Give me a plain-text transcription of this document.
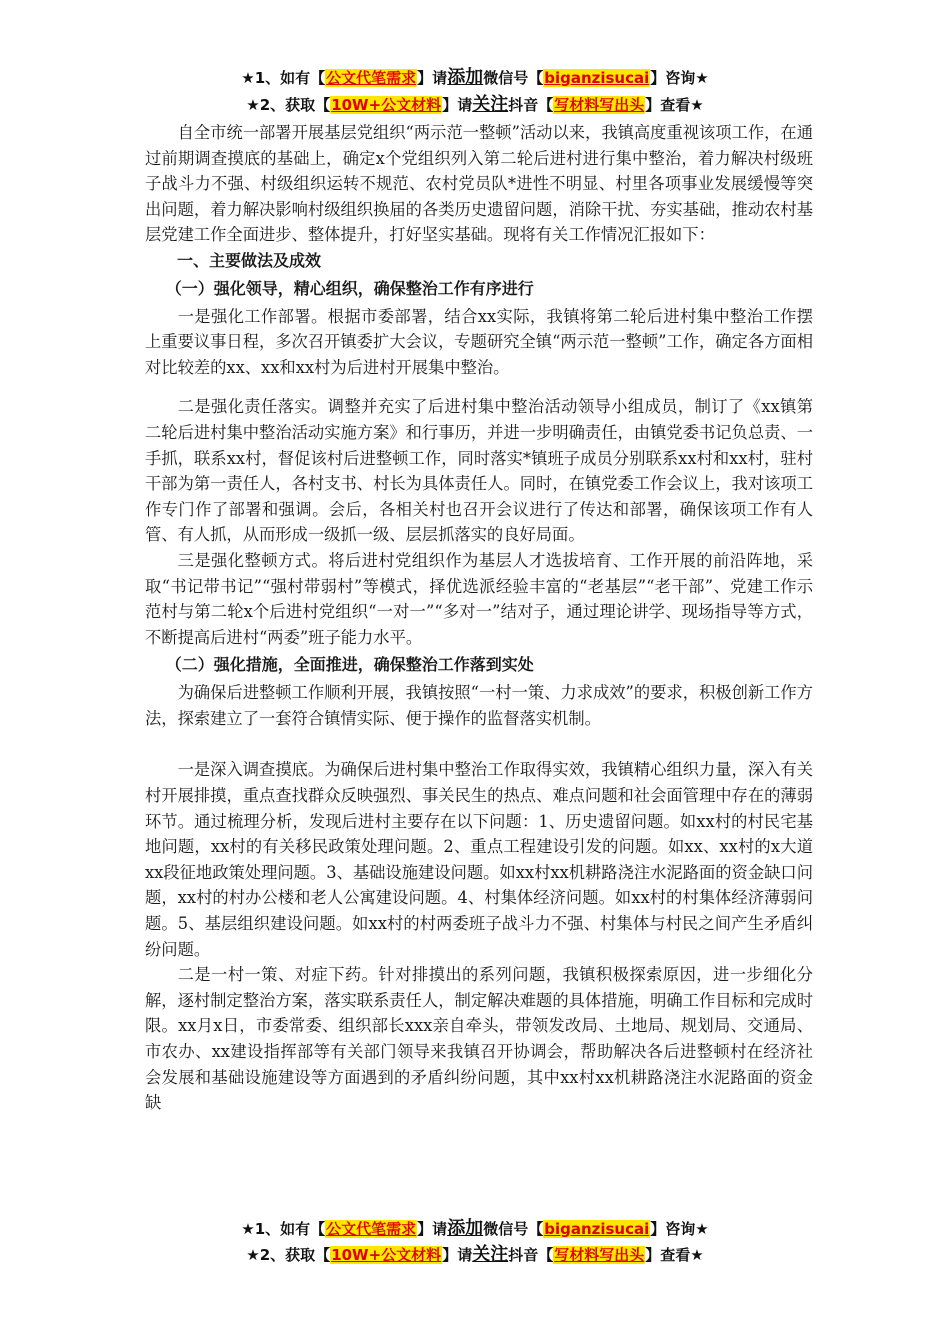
★1、如有【公文代笔需求】请添加微信号【biganzisucai】咨询★
★2、获取【10W+公文材料】请关注抖音【写材料写出头】查看★

自全市统一部署开展基层党组织“两示范一整顿”活动以来，我镇高度重视该项工作，在通过前期调查摸底的基础上，确定x个党组织列入第二轮后进村进行集中整治，着力解决村级班子战斗力不强、村级组织运转不规范、农村党员队*进性不明显、村里各项事业发展缓慢等突出问题，着力解决影响村级组织换届的各类历史遗留问题，消除干扰、夯实基础，推动农村基层党建工作全面进步、整体提升，打好坚实基础。现将有关工作情况汇报如下：

一、主要做法及成效
（一）强化领导，精心组织，确保整治工作有序进行

一是强化工作部署。根据市委部署，结合xx实际，我镇将第二轮后进村集中整治工作摆上重要议事日程，多次召开镇委扩大会议，专题研究全镇“两示范一整顿”工作，确定各方面相对比较差的xx、xx和xx村为后进村开展集中整治。

二是强化责任落实。调整并充实了后进村集中整治活动领导小组成员，制订了《xx镇第二轮后进村集中整治活动实施方案》和行事历，并进一步明确责任，由镇党委书记负总责、一手抓，联系xx村，督促该村后进整顿工作，同时落实*镇班子成员分别联系xx村和xx村，驻村干部为第一责任人，各村支书、村长为具体责任人。同时，在镇党委工作会议上，我对该项工作专门作了部署和强调。会后，各相关村也召开会议进行了传达和部署，确保该项工作有人管、有人抓，从而形成一级抓一级、层层抓落实的良好局面。

三是强化整顿方式。将后进村党组织作为基层人才选拔培育、工作开展的前沿阵地，采取“书记带书记”“强村带弱村”等模式，择优选派经验丰富的“老基层”“老干部”、党建工作示范村与第二轮x个后进村党组织“一对一”“多对一”结对子，通过理论讲学、现场指导等方式，不断提高后进村“两委”班子能力水平。

（二）强化措施，全面推进，确保整治工作落到实处

为确保后进整顿工作顺利开展，我镇按照“一村一策、力求成效”的要求，积极创新工作方法，探索建立了一套符合镇情实际、便于操作的监督落实机制。

一是深入调查摸底。为确保后进村集中整治工作取得实效，我镇精心组织力量，深入有关村开展排摸，重点查找群众反映强烈、事关民生的热点、难点问题和社会面管理中存在的薄弱环节。通过梳理分析，发现后进村主要存在以下问题：1、历史遗留问题。如xx村的村民宅基地问题，xx村的有关移民政策处理问题。2、重点工程建设引发的问题。如xx、xx村的x大道xx段征地政策处理问题。3、基础设施建设问题。如xx村xx机耕路浇注水泥路面的资金缺口问题，xx村的村办公楼和老人公寓建设问题。4、村集体经济问题。如xx村的村集体经济薄弱问题。5、基层组织建设问题。如xx村的村两委班子战斗力不强、村集体与村民之间产生矛盾纠纷问题。

二是一村一策、对症下药。针对排摸出的系列问题，我镇积极探索原因，进一步细化分解，逐村制定整治方案，落实联系责任人，制定解决难题的具体措施，明确工作目标和完成时限。xx月x日，市委常委、组织部长xxx亲自牵头，带领发改局、土地局、规划局、交通局、市农办、xx建设指挥部等有关部门领导来我镇召开协调会，帮助解决各后进整顿村在经济社会发展和基础设施建设等方面遇到的矛盾纠纷问题，其中xx村xx机耕路浇注水泥路面的资金缺

★1、如有【公文代笔需求】请添加微信号【biganzisucai】咨询★
★2、获取【10W+公文材料】请关注抖音【写材料写出头】查看★
